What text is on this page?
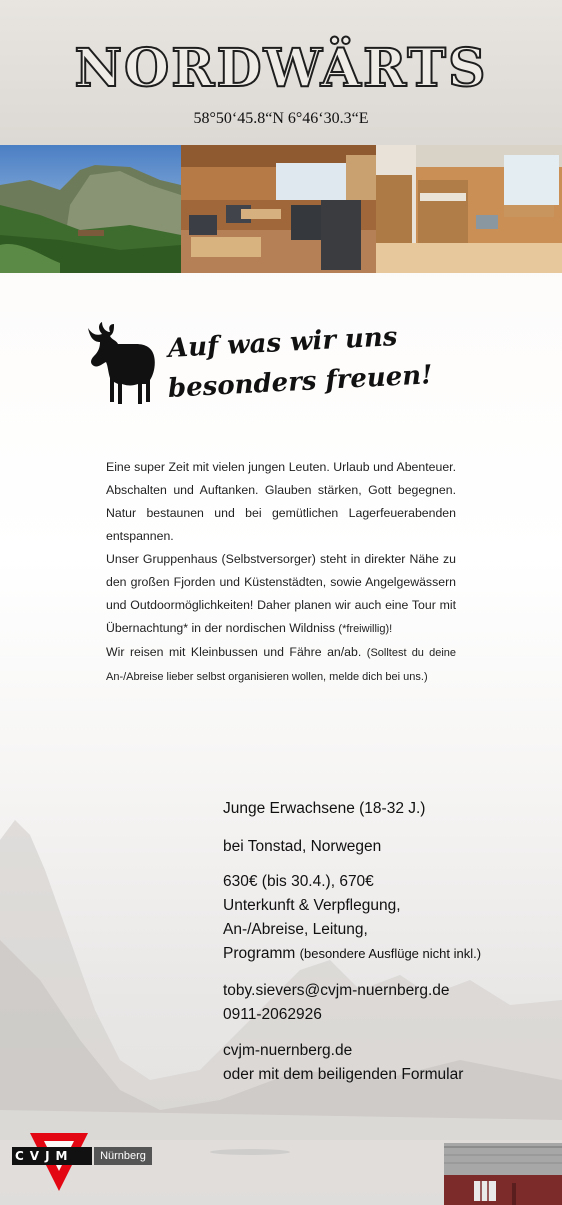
NORDWÄRTS
58°50‘45.8“N 6°46‘30.3“E
Auf was wir uns
besonders freuen!

Eine super Zeit mit vielen jungen Leuten. Urlaub und Abenteuer. Abschalten und Auftanken. Glauben stärken, Gott begegnen. Natur bestaunen und bei gemütlichen Lagerfeuerabenden entspannen.

Unser Gruppenhaus (Selbstversorger) steht in direkter Nähe zu den großen Fjorden und Küstenstädten, sowie Angelgewässern und Outdoormöglichkeiten! Daher planen wir auch eine Tour mit Übernachtung* in der nordischen Wildniss (*freiwillig)!

Wir reisen mit Kleinbussen und Fähre an/ab. (Solltest du deine An-/Abreise lieber selbst organisieren wollen, melde dich bei uns.)

Junge Erwachsene (18-32 J.)
bei Tonstad, Norwegen
630€ (bis 30.4.), 670€
Unterkunft & Verpflegung,
An-/Abreise, Leitung,
Programm (besondere Ausflüge nicht inkl.)
toby.sievers@cvjm-nuernberg.de
0911-2062926
cvjm-nuernberg.de
oder mit dem beiligenden Formular
CVJM	Nürnberg
